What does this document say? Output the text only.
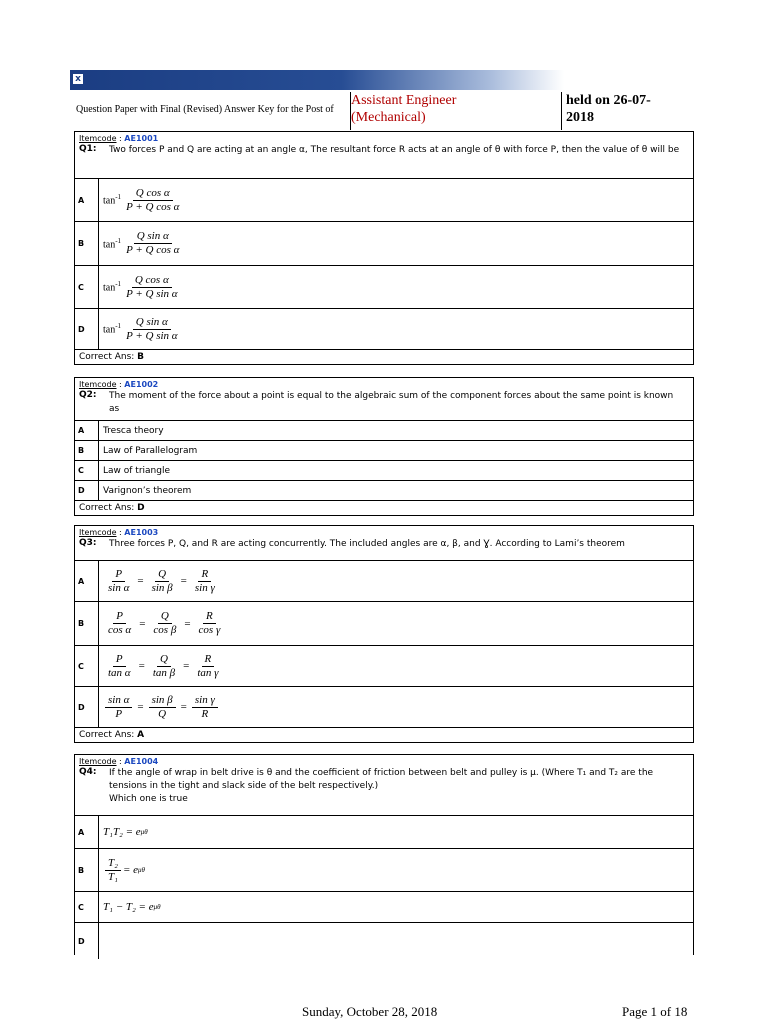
x
Question Paper with Final (Revised) Answer Key for the Post of
Assistant Engineer
(Mechanical)
held on 26-07-
2018
Itemcode : AE1001
Q1:	Two forces P and Q are acting at an angle α, The resultant force R acts at an angle of θ with force P, then the value of θ will be
A	$\tan^{-1} \frac{\text{Q cos α}}{\text{P + Q cos α}}$
B	$\tan^{-1} \frac{\text{Q sin α}}{\text{P + Q cos α}}$
C	$\tan^{-1} \frac{\text{Q cos α}}{\text{P + Q sin α}}$
D	$\tan^{-1} \frac{\text{Q sin α}}{\text{P + Q sin α}}$
Correct Ans: B
Itemcode : AE1002
Q2:	The moment of the force about a point is equal to the algebraic sum of the component forces about the same point is known as
A	Tresca theory
B	Law of Parallelogram
C	Law of triangle
D	Varignon’s theorem
Correct Ans: D
Itemcode : AE1003
Q3:	Three forces P, Q, and R are acting concurrently. The included angles are α, β, and Ɣ. According to Lami’s theorem
A	$\frac{P}{\text{sin α}} = \frac{Q}{\text{sin β}} = \frac{R}{\text{sin γ}}$
B	$\frac{P}{\text{cos α}} = \frac{Q}{\text{cos β}} = \frac{R}{\text{cos γ}}$
C	$\frac{P}{\text{tan α}} = \frac{Q}{\text{tan β}} = \frac{R}{\text{tan γ}}$
D	$\frac{\text{sin α}}{P} = \frac{\text{sin β}}{Q} = \frac{\text{sin γ}}{R}$
Correct Ans: A
Itemcode : AE1004
Q4:	If the angle of wrap in belt drive is θ and the coefficient of friction between belt and pulley is μ. (Where T₁ and T₂ are the tensions in the tight and slack side of the belt respectively.)
Which one is true
A	T₁T₂ = e μθ
B	$\frac{\text{T₂}}{\text{T₁}} = e$ μθ
C	T₁ − T₂ = e μθ
D
Sunday, October 28, 2018	Page 1 of 18
